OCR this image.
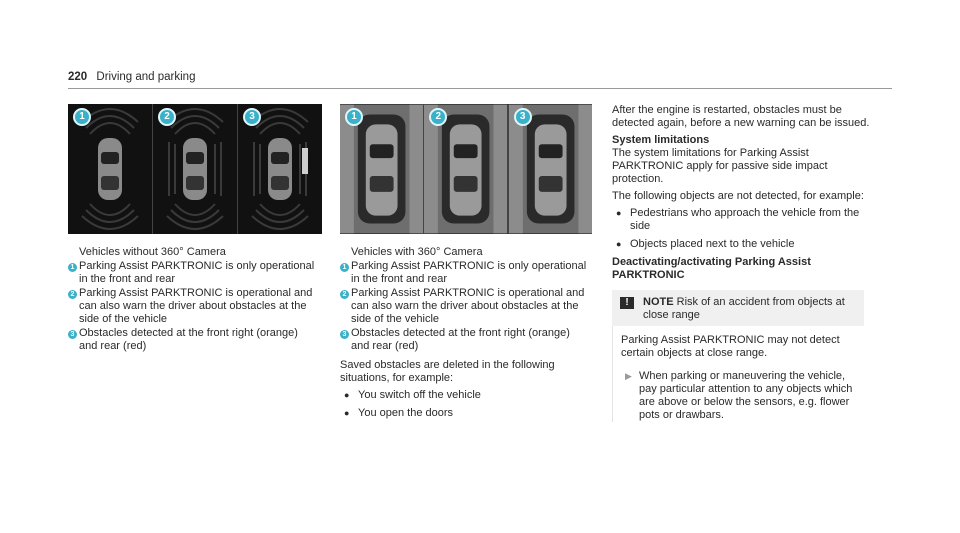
220 Driving and parking
1	2	3	1	2	3
Vehicles without 360° Camera
1 Parking Assist PARKTRONIC is only operational in the front and rear
2 Parking Assist PARKTRONIC is operational and can also warn the driver about obstacles at the side of the vehicle
3 Obstacles detected at the front right (orange) and rear (red)
Vehicles with 360° Camera
1 Parking Assist PARKTRONIC is only operational in the front and rear
2 Parking Assist PARKTRONIC is operational and can also warn the driver about obstacles at the side of the vehicle
3 Obstacles detected at the front right (orange) and rear (red)
Saved obstacles are deleted in the following situations, for example:
● You switch off the vehicle
● You open the doors
After the engine is restarted, obstacles must be detected again, before a new warning can be issued.
System limitations
The system limitations for Parking Assist PARKTRONIC apply for passive side impact protection.
The following objects are not detected, for example:
● Pedestrians who approach the vehicle from the side
● Objects placed next to the vehicle
Deactivating/activating Parking Assist PARKTRONIC
!	NOTE Risk of an accident from objects at close range
Parking Assist PARKTRONIC may not detect certain objects at close range.
▶ When parking or maneuvering the vehicle, pay particular attention to any objects which are above or below the sensors, e.g. flower pots or drawbars.
